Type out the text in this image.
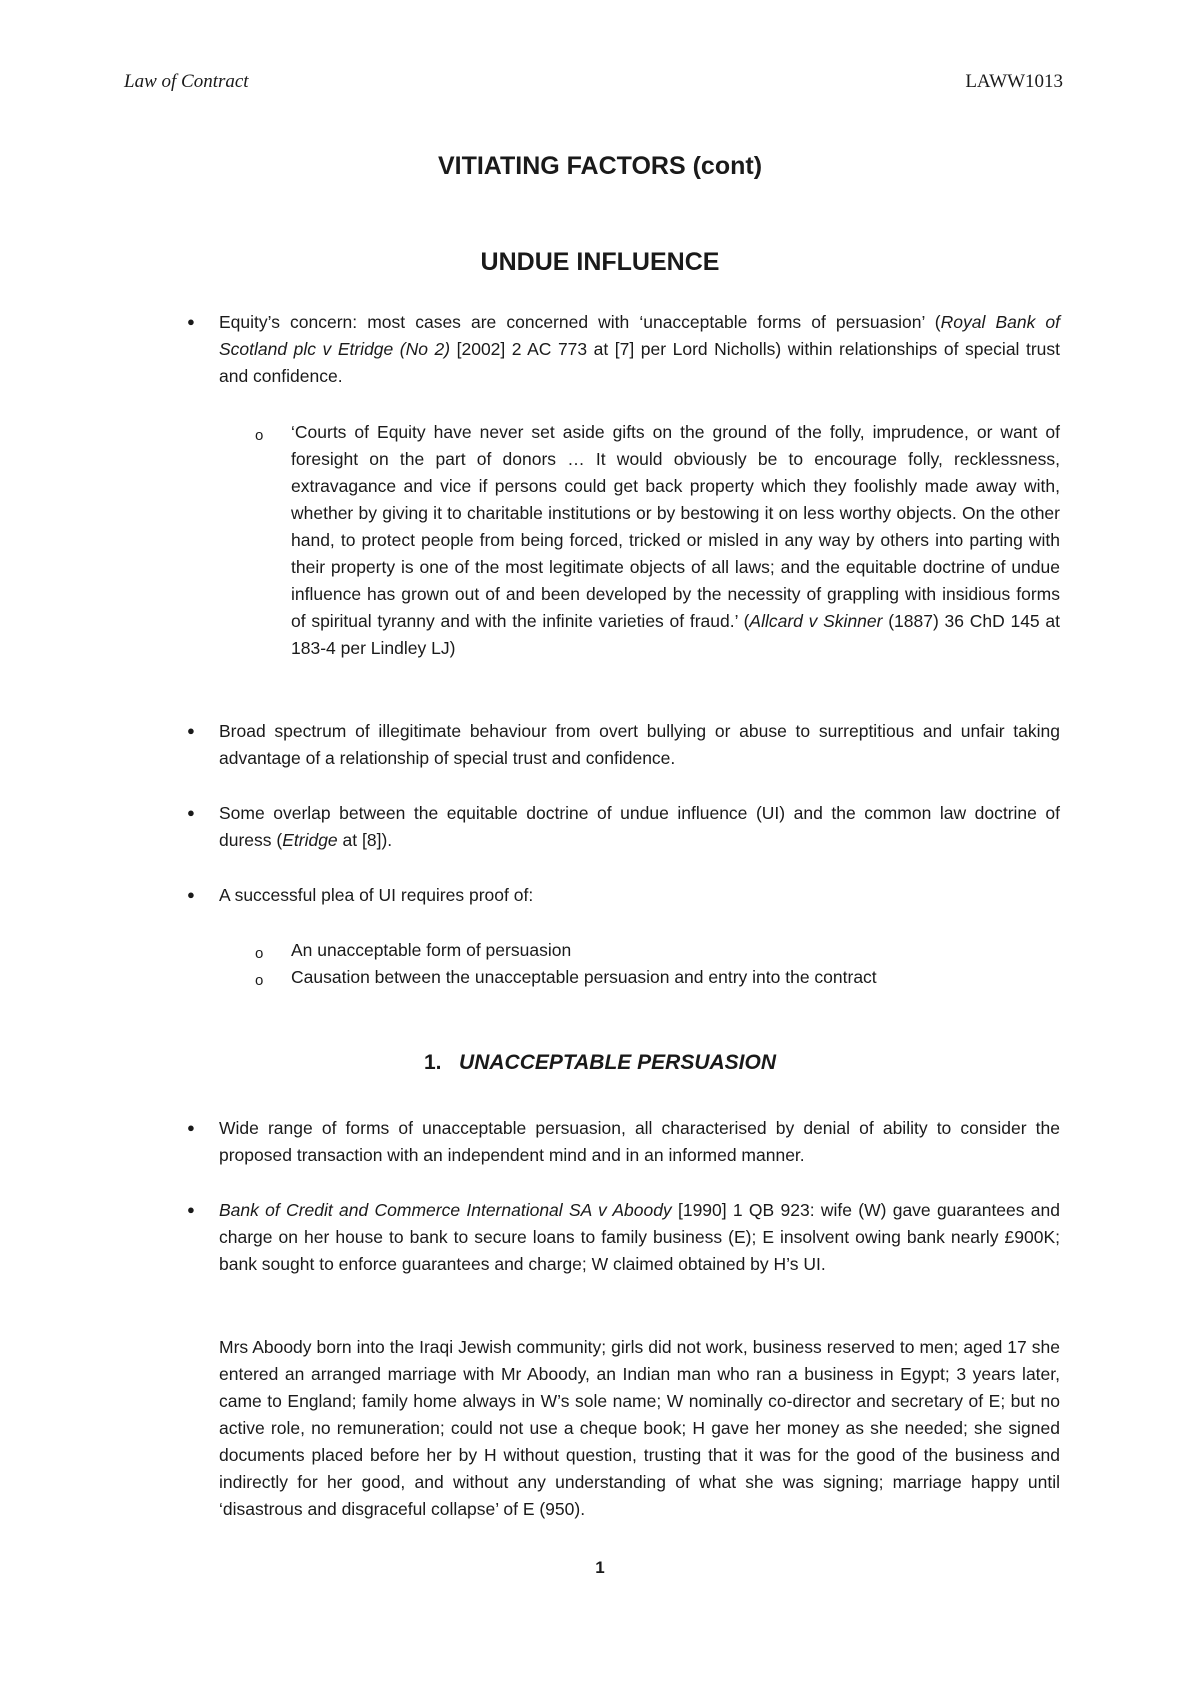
Law of Contract	LAWW1013
VITIATING FACTORS (cont)
UNDUE INFLUENCE
● Equity’s concern: most cases are concerned with ‘unacceptable forms of persuasion’ (Royal Bank of Scotland plc v Etridge (No 2) [2002] 2 AC 773 at [7] per Lord Nicholls) within relationships of special trust and confidence.
o ‘Courts of Equity have never set aside gifts on the ground of the folly, imprudence, or want of foresight on the part of donors … It would obviously be to encourage folly, recklessness, extravagance and vice if persons could get back property which they foolishly made away with, whether by giving it to charitable institutions or by bestowing it on less worthy objects. On the other hand, to protect people from being forced, tricked or misled in any way by others into parting with their property is one of the most legitimate objects of all laws; and the equitable doctrine of undue influence has grown out of and been developed by the necessity of grappling with insidious forms of spiritual tyranny and with the infinite varieties of fraud.’ (Allcard v Skinner (1887) 36 ChD 145 at 183-4 per Lindley LJ)
● Broad spectrum of illegitimate behaviour from overt bullying or abuse to surreptitious and unfair taking advantage of a relationship of special trust and confidence.
● Some overlap between the equitable doctrine of undue influence (UI) and the common law doctrine of duress (Etridge at [8]).
● A successful plea of UI requires proof of:
o An unacceptable form of persuasion
o Causation between the unacceptable persuasion and entry into the contract
1. UNACCEPTABLE PERSUASION
● Wide range of forms of unacceptable persuasion, all characterised by denial of ability to consider the proposed transaction with an independent mind and in an informed manner.
● Bank of Credit and Commerce International SA v Aboody [1990] 1 QB 923: wife (W) gave guarantees and charge on her house to bank to secure loans to family business (E); E insolvent owing bank nearly £900K; bank sought to enforce guarantees and charge; W claimed obtained by H’s UI.
Mrs Aboody born into the Iraqi Jewish community; girls did not work, business reserved to men; aged 17 she entered an arranged marriage with Mr Aboody, an Indian man who ran a business in Egypt; 3 years later, came to England; family home always in W’s sole name; W nominally co-director and secretary of E; but no active role, no remuneration; could not use a cheque book; H gave her money as she needed; she signed documents placed before her by H without question, trusting that it was for the good of the business and indirectly for her good, and without any understanding of what she was signing; marriage happy until ‘disastrous and disgraceful collapse’ of E (950).
1
